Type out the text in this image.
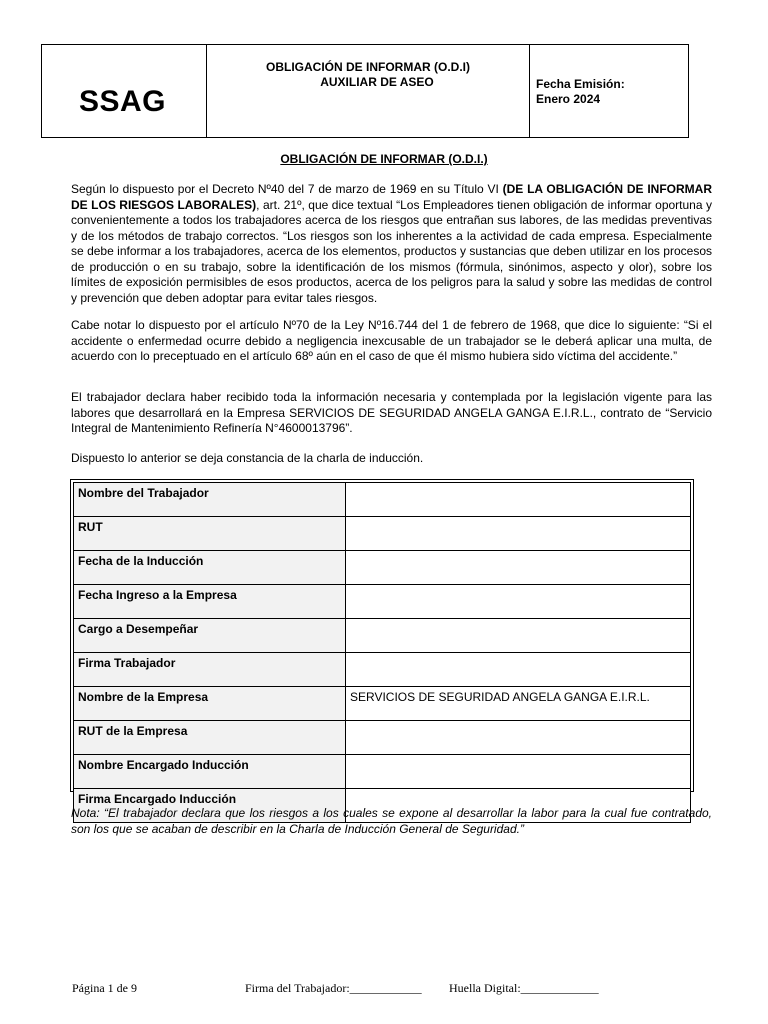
SSAG
OBLIGACIÓN DE INFORMAR (O.D.I)
AUXILIAR DE ASEO	Fecha Emisión:
Enero 2024
OBLIGACIÓN DE INFORMAR (O.D.I.)

Según lo dispuesto por el Decreto Nº40 del 7 de marzo de 1969 en su Título VI (DE LA OBLIGACIÓN DE INFORMAR DE LOS RIESGOS LABORALES), art. 21º, que dice textual “Los Empleadores tienen obligación de informar oportuna y convenientemente a todos los trabajadores acerca de los riesgos que entrañan sus labores, de las medidas preventivas y de los métodos de trabajo correctos. “Los riesgos son los inherentes a la actividad de cada empresa. Especialmente se debe informar a los trabajadores, acerca de los elementos, productos y sustancias que deben utilizar en los procesos de producción o en su trabajo, sobre la identificación de los mismos (fórmula, sinónimos, aspecto y olor), sobre los límites de exposición permisibles de esos productos, acerca de los peligros para la salud y sobre las medidas de control y prevención que deben adoptar para evitar tales riesgos.

Cabe notar lo dispuesto por el artículo Nº70 de la Ley Nº16.744 del 1 de febrero de 1968, que dice lo siguiente: “Si el accidente o enfermedad ocurre debido a negligencia inexcusable de un trabajador se le deberá aplicar una multa, de acuerdo con lo preceptuado en el artículo 68º aún en el caso de que él mismo hubiera sido víctima del accidente.”

El trabajador declara haber recibido toda la información necesaria y contemplada por la legislación vigente para las labores que desarrollará en la Empresa SERVICIOS DE SEGURIDAD ANGELA GANGA E.I.R.L., contrato de “Servicio Integral de Mantenimiento Refinería N°4600013796”.

Dispuesto lo anterior se deja constancia de la charla de inducción.

Nombre del Trabajador	
RUT	
Fecha de la Inducción	
Fecha Ingreso a la Empresa	
Cargo a Desempeñar	
Firma Trabajador	
Nombre de la Empresa	SERVICIOS DE SEGURIDAD ANGELA GANGA E.I.R.L.
RUT de la Empresa	
Nombre Encargado Inducción	
Firma Encargado Inducción	

Nota: “El trabajador declara que los riesgos a los cuales se expone al desarrollar la labor para la cual fue contratado, son los que se acaban de describir en la Charla de Inducción General de Seguridad.”

Página 1 de 9	Firma del Trabajador:____________ Huella Digital:_____________
